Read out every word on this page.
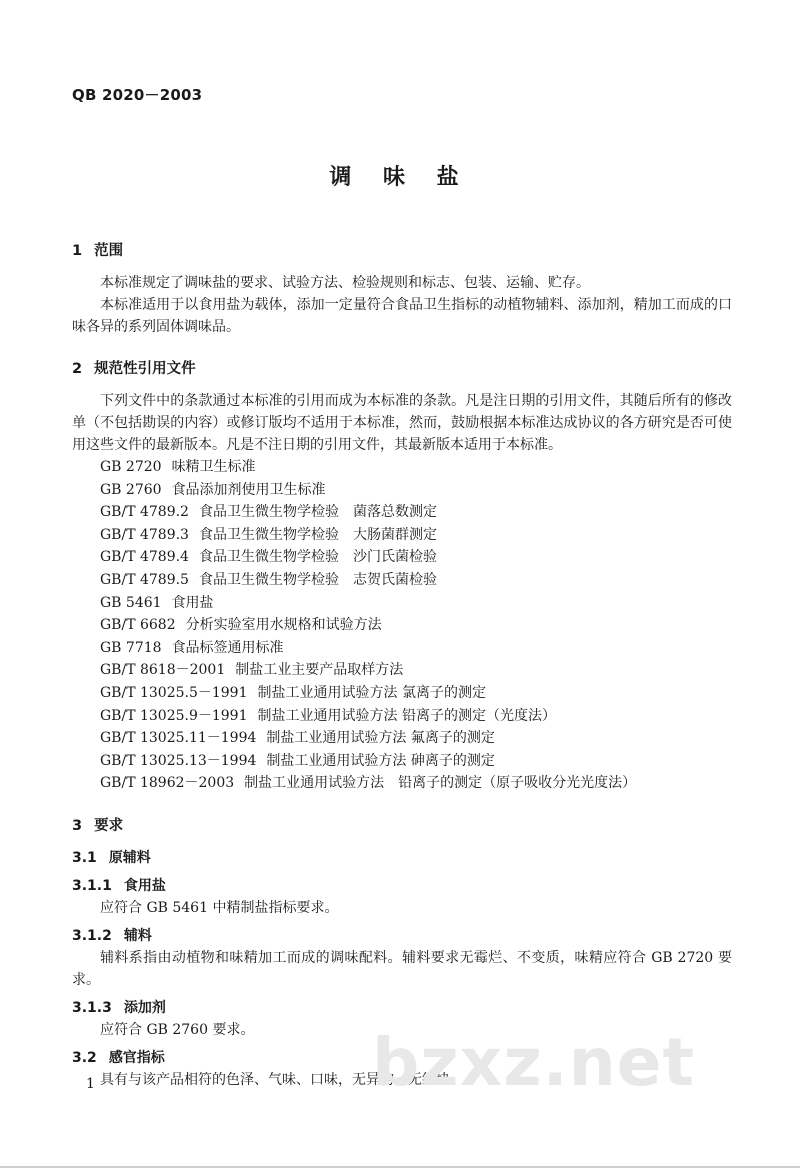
QB 2020－2003
调 味 盐
1 范围

本标准规定了调味盐的要求、试验方法、检验规则和标志、包装、运输、贮存。

本标准适用于以食用盐为载体，添加一定量符合食品卫生指标的动植物辅料、添加剂，精加工而成的口味各异的系列固体调味品。

2 规范性引用文件

下列文件中的条款通过本标准的引用而成为本标准的条款。凡是注日期的引用文件，其随后所有的修改单（不包括勘误的内容）或修订版均不适用于本标准，然而，鼓励根据本标准达成协议的各方研究是否可使用这些文件的最新版本。凡是不注日期的引用文件，其最新版本适用于本标准。

GB 2720 味精卫生标准
GB 2760 食品添加剂使用卫生标准
GB/T 4789.2 食品卫生微生物学检验　菌落总数测定
GB/T 4789.3 食品卫生微生物学检验　大肠菌群测定
GB/T 4789.4 食品卫生微生物学检验　沙门氏菌检验
GB/T 4789.5 食品卫生微生物学检验　志贺氏菌检验
GB 5461 食用盐
GB/T 6682 分析实验室用水规格和试验方法
GB 7718 食品标签通用标准
GB/T 8618－2001 制盐工业主要产品取样方法
GB/T 13025.5－1991 制盐工业通用试验方法 氯离子的测定
GB/T 13025.9－1991 制盐工业通用试验方法 铅离子的测定（光度法）
GB/T 13025.11－1994 制盐工业通用试验方法 氟离子的测定
GB/T 13025.13－1994 制盐工业通用试验方法 砷离子的测定
GB/T 18962－2003 制盐工业通用试验方法　铅离子的测定（原子吸收分光光度法）
3 要求
3.1 原辅料
3.1.1 食用盐

应符合 GB 5461 中精制盐指标要求。

3.1.2 辅料

辅料系指由动植物和味精加工而成的调味配料。辅料要求无霉烂、不变质，味精应符合 GB 2720 要求。

3.1.3 添加剂

应符合 GB 2760 要求。

3.2 感官指标

具有与该产品相符的色泽、气味、口味，无异物、无结块。

bzxz.net
1
